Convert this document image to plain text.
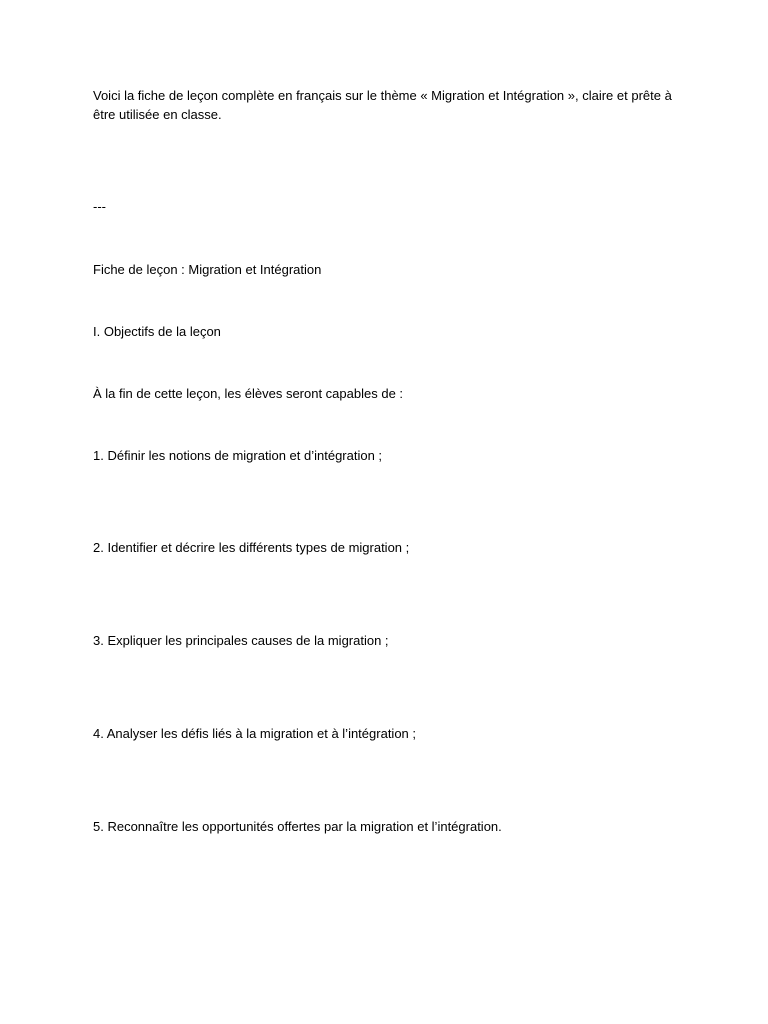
Voici la fiche de leçon complète en français sur le thème « Migration et Intégration », claire et prête à être utilisée en classe.
---
Fiche de leçon : Migration et Intégration
I. Objectifs de la leçon
À la fin de cette leçon, les élèves seront capables de :
1. Définir les notions de migration et d’intégration ;
2. Identifier et décrire les différents types de migration ;
3. Expliquer les principales causes de la migration ;
4. Analyser les défis liés à la migration et à l’intégration ;
5. Reconnaître les opportunités offertes par la migration et l’intégration.
